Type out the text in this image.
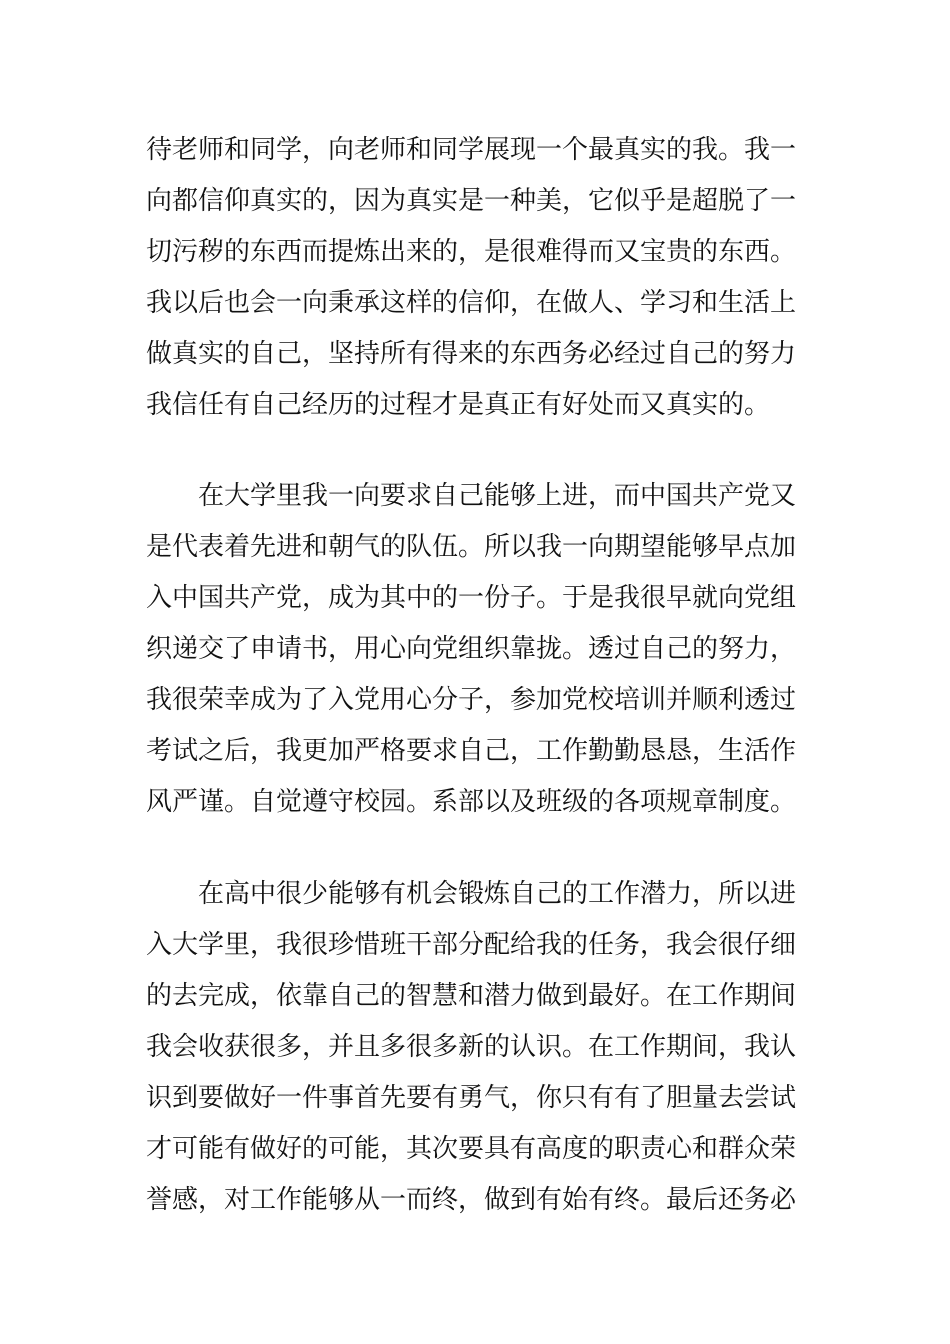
待老师和同学，向老师和同学展现一个最真实的我。我一
向都信仰真实的，因为真实是一种美，它似乎是超脱了一
切污秽的东西而提炼出来的，是很难得而又宝贵的东西。
我以后也会一向秉承这样的信仰，在做人、学习和生活上
做真实的自己，坚持所有得来的东西务必经过自己的努力
我信任有自己经历的过程才是真正有好处而又真实的。

在大学里我一向要求自己能够上进，而中国共产党又
是代表着先进和朝气的队伍。所以我一向期望能够早点加
入中国共产党，成为其中的一份子。于是我很早就向党组
织递交了申请书，用心向党组织靠拢。透过自己的努力，
我很荣幸成为了入党用心分子，参加党校培训并顺利透过
考试之后，我更加严格要求自己，工作勤勤恳恳，生活作
风严谨。自觉遵守校园。系部以及班级的各项规章制度。

在高中很少能够有机会锻炼自己的工作潜力，所以进
入大学里，我很珍惜班干部分配给我的任务，我会很仔细
的去完成，依靠自己的智慧和潜力做到最好。在工作期间
我会收获很多，并且多很多新的认识。在工作期间，我认
识到要做好一件事首先要有勇气，你只有有了胆量去尝试
才可能有做好的可能，其次要具有高度的职责心和群众荣
誉感，对工作能够从一而终，做到有始有终。最后还务必
